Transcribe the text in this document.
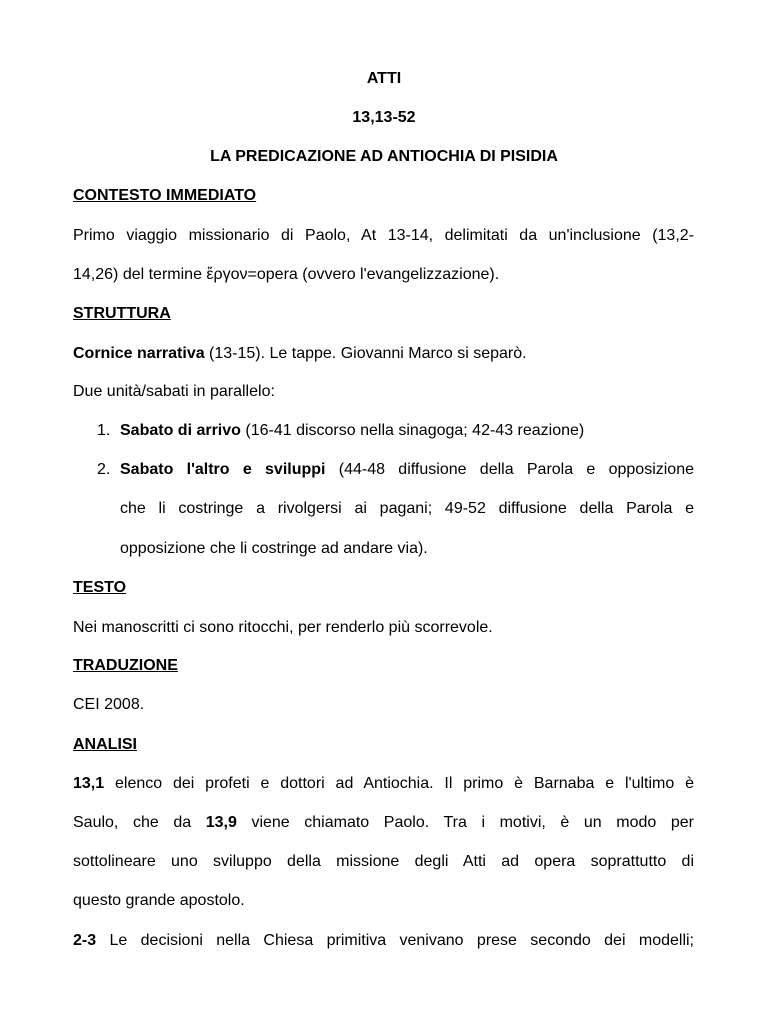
ATTI
13,13-52
LA PREDICAZIONE AD ANTIOCHIA DI PISIDIA
CONTESTO IMMEDIATO
Primo viaggio missionario di Paolo, At 13-14, delimitati da un'inclusione (13,2-
14,26) del termine ἔργον=opera (ovvero l'evangelizzazione).
STRUTTURA
Cornice narrativa (13-15). Le tappe. Giovanni Marco si separò.
Due unità/sabati in parallelo:
1. Sabato di arrivo (16-41 discorso nella sinagoga; 42-43 reazione)
2. Sabato l'altro e sviluppi (44-48 diffusione della Parola e opposizione
che li costringe a rivolgersi ai pagani; 49-52 diffusione della Parola e
opposizione che li costringe ad andare via).
TESTO
Nei manoscritti ci sono ritocchi, per renderlo più scorrevole.
TRADUZIONE
CEI 2008.
ANALISI
13,1 elenco dei profeti e dottori ad Antiochia. Il primo è Barnaba e l'ultimo è
Saulo, che da 13,9 viene chiamato Paolo. Tra i motivi, è un modo per
sottolineare uno sviluppo della missione degli Atti ad opera soprattutto di
questo grande apostolo.
2-3 Le decisioni nella Chiesa primitiva venivano prese secondo dei modelli;
